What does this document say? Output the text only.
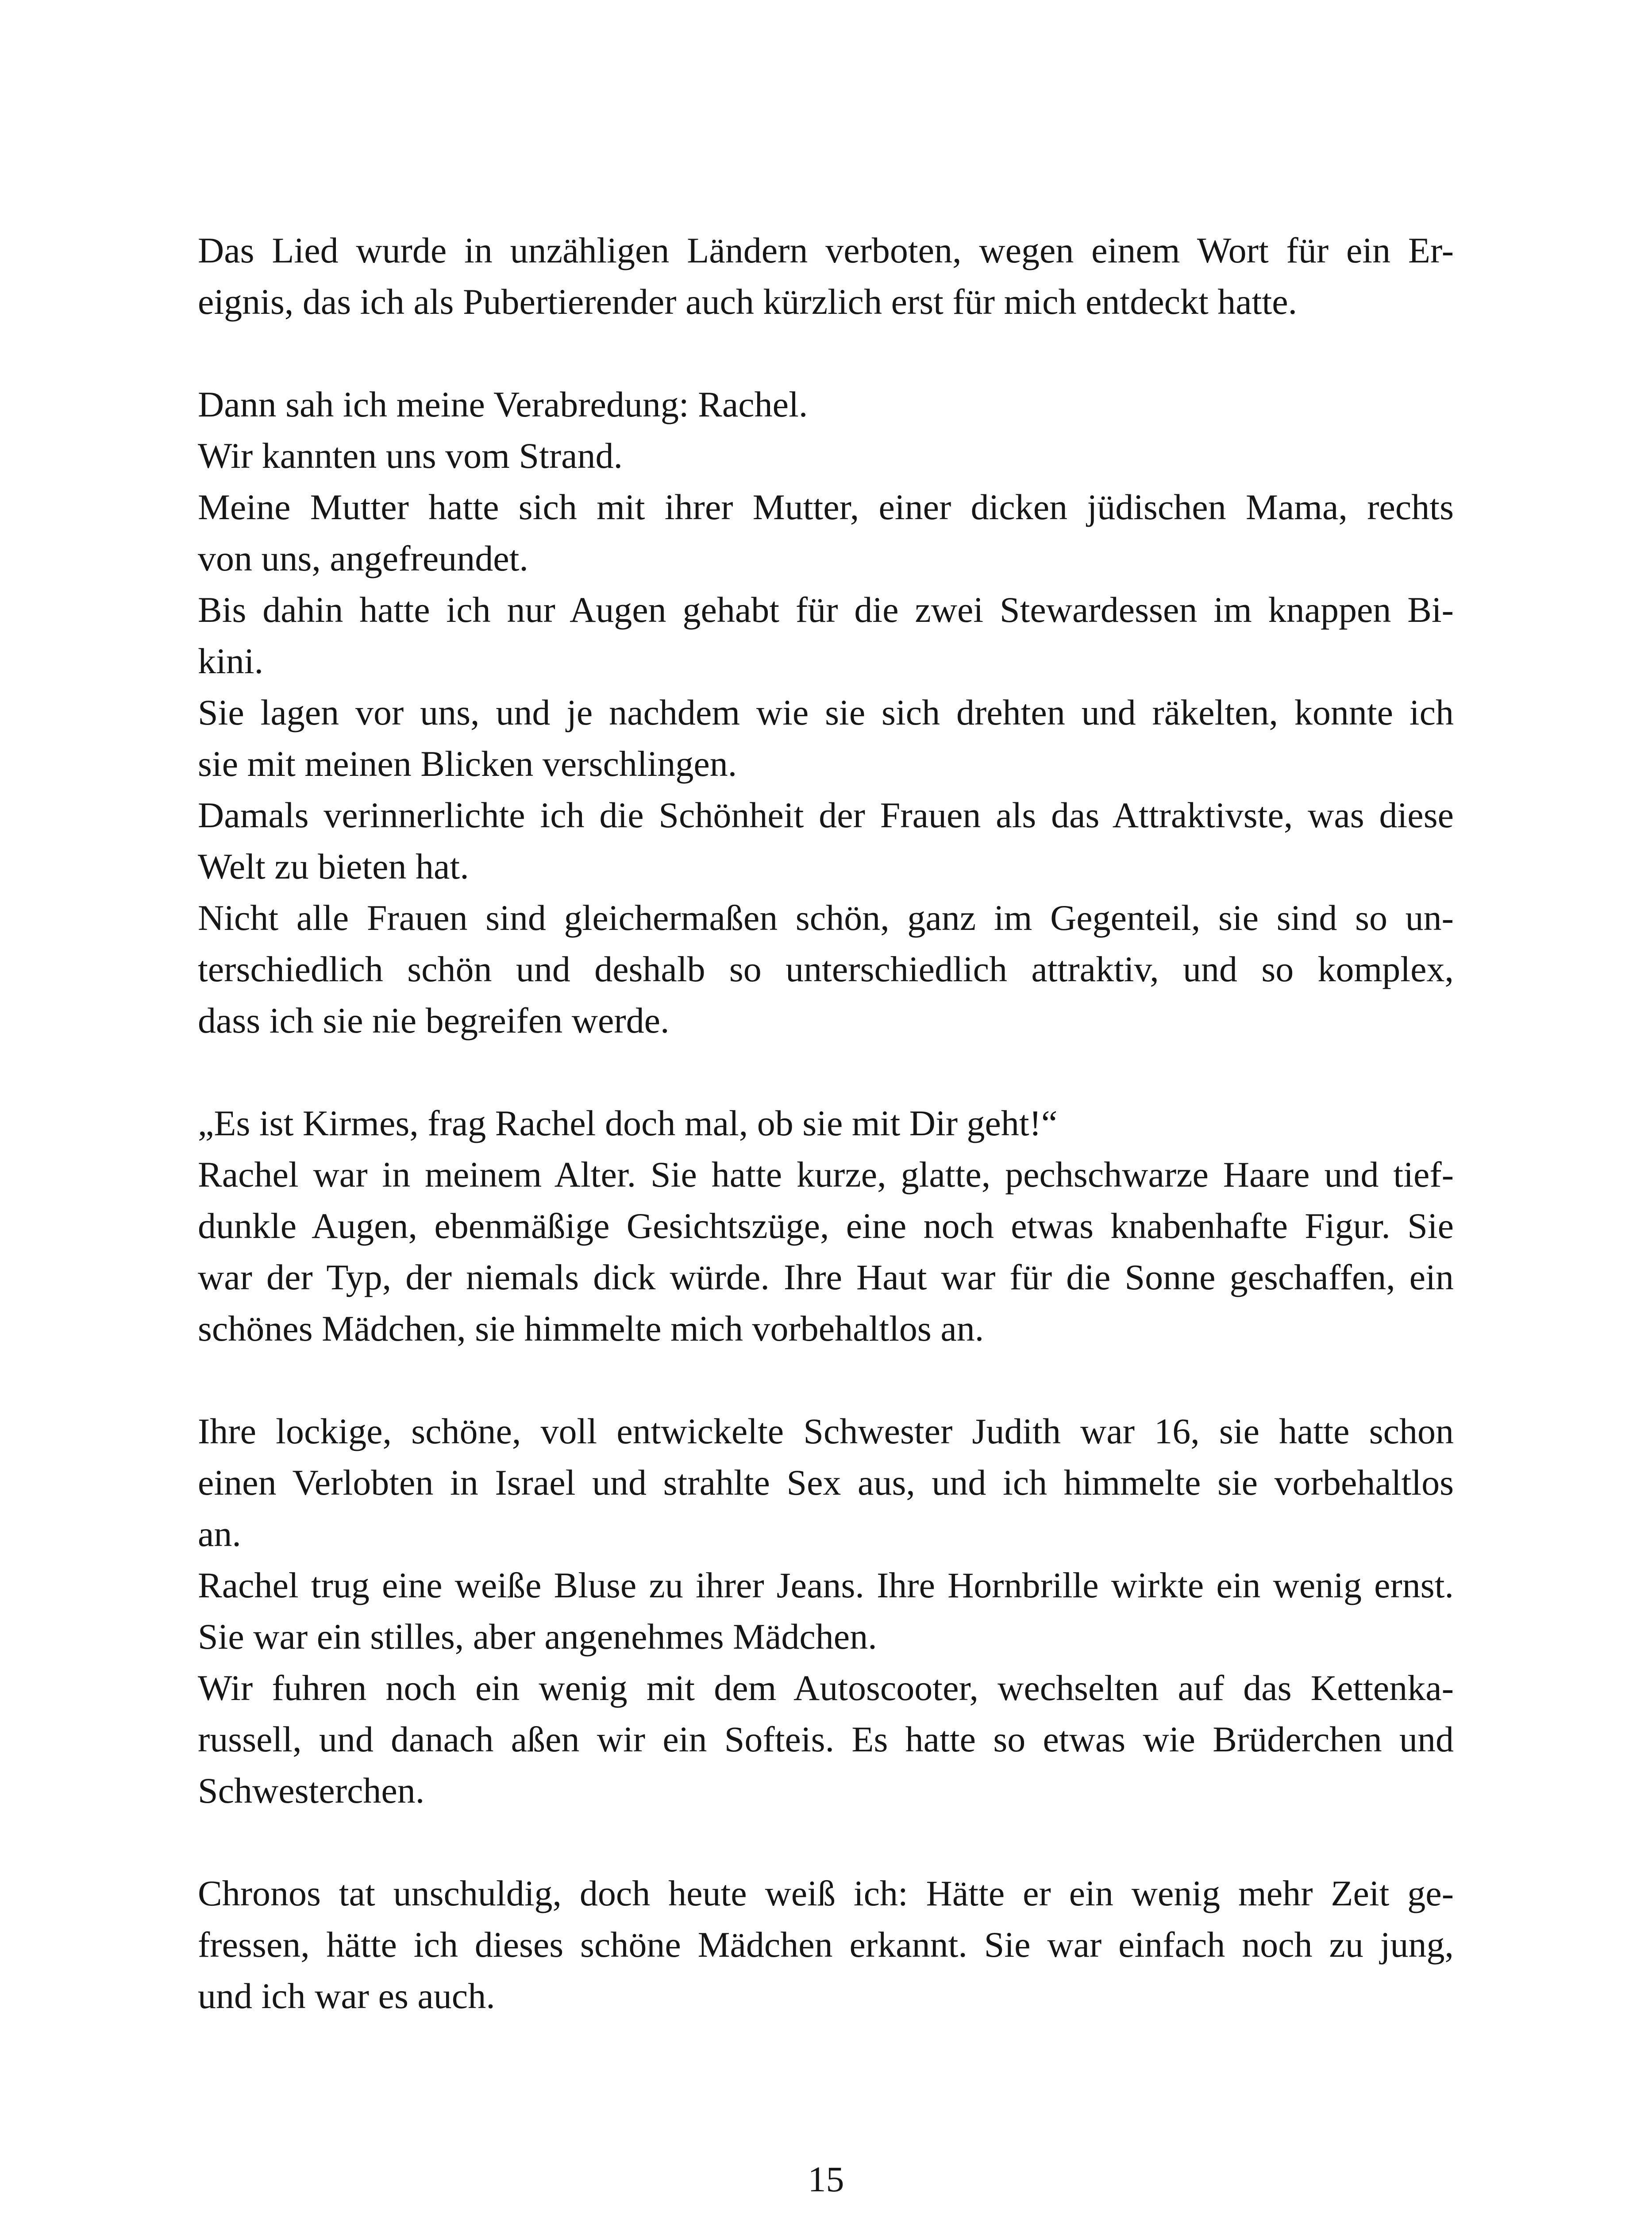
Das Lied wurde in unzähligen Ländern verboten, wegen einem Wort für ein Er-
eignis, das ich als Pubertierender auch kürzlich erst für mich entdeckt hatte.
Dann sah ich meine Verabredung: Rachel.
Wir kannten uns vom Strand.
Meine Mutter hatte sich mit ihrer Mutter, einer dicken jüdischen Mama, rechts
von uns, angefreundet.
Bis dahin hatte ich nur Augen gehabt für die zwei Stewardessen im knappen Bi-
kini.
Sie lagen vor uns, und je nachdem wie sie sich drehten und räkelten, konnte ich
sie mit meinen Blicken verschlingen.
Damals verinnerlichte ich die Schönheit der Frauen als das Attraktivste, was diese
Welt zu bieten hat.
Nicht alle Frauen sind gleichermaßen schön, ganz im Gegenteil, sie sind so un-
terschiedlich schön und deshalb so unterschiedlich attraktiv, und so komplex,
dass ich sie nie begreifen werde.
„Es ist Kirmes, frag Rachel doch mal, ob sie mit Dir geht!“
Rachel war in meinem Alter. Sie hatte kurze, glatte, pechschwarze Haare und tief-
dunkle Augen, ebenmäßige Gesichtszüge, eine noch etwas knabenhafte Figur. Sie
war der Typ, der niemals dick würde. Ihre Haut war für die Sonne geschaffen, ein
schönes Mädchen, sie himmelte mich vorbehaltlos an.
Ihre lockige, schöne, voll entwickelte Schwester Judith war 16, sie hatte schon
einen Verlobten in Israel und strahlte Sex aus, und ich himmelte sie vorbehaltlos
an.
Rachel trug eine weiße Bluse zu ihrer Jeans. Ihre Hornbrille wirkte ein wenig ernst.
Sie war ein stilles, aber angenehmes Mädchen.
Wir fuhren noch ein wenig mit dem Autoscooter, wechselten auf das Kettenka-
russell, und danach aßen wir ein Softeis. Es hatte so etwas wie Brüderchen und
Schwesterchen.
Chronos tat unschuldig, doch heute weiß ich: Hätte er ein wenig mehr Zeit ge-
fressen, hätte ich dieses schöne Mädchen erkannt. Sie war einfach noch zu jung,
und ich war es auch.
15
